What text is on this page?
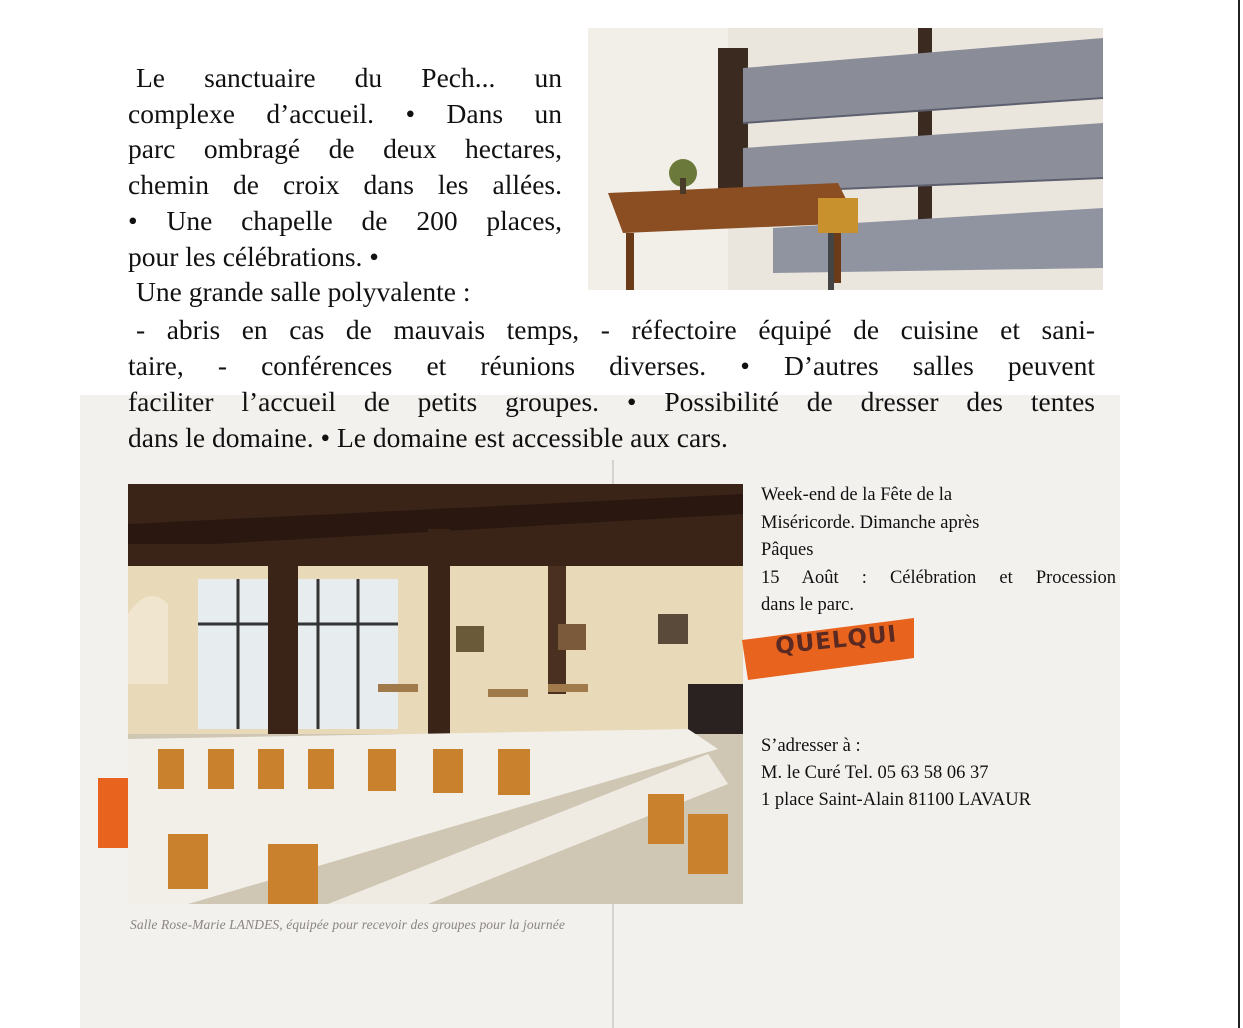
Le sanctuaire du Pech... un
complexe d’accueil. • Dans un
parc ombragé de deux hectares,
chemin de croix dans les allées.
• Une chapelle de 200 places,
pour les célébrations. •
Une grande salle polyvalente :
- abris en cas de mauvais temps, - réfectoire équipé de cuisine et sani-
taire, - conférences et réunions diverses. • D’autres salles peuvent
faciliter l’accueil de petits groupes. • Possibilité de dresser des tentes
dans le domaine. • Le domaine est accessible aux cars.
Salle Rose-Marie LANDES, équipée pour recevoir des groupes pour la journée
Week-end de la Fête de la
Miséricorde. Dimanche après
Pâques
15 Août : Célébration et Procession
dans le parc.
QUELQUI
S’adresser à :
M. le Curé Tel. 05 63 58 06 37
1 place Saint-Alain 81100 LAVAUR
